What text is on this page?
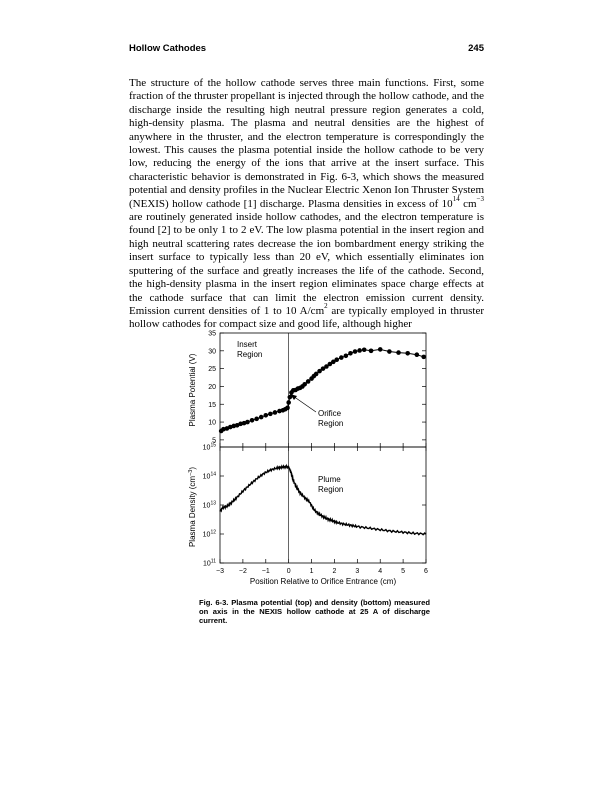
Hollow Cathodes	245

The structure of the hollow cathode serves three main functions. First, some fraction of the thruster propellant is injected through the hollow cathode, and the discharge inside the resulting high neutral pressure region generates a cold, high-density plasma. The plasma and neutral densities are the highest of anywhere in the thruster, and the electron temperature is correspondingly the lowest. This causes the plasma potential inside the hollow cathode to be very low, reducing the energy of the ions that arrive at the insert surface. This characteristic behavior is demonstrated in Fig. 6-3, which shows the measured potential and density profiles in the Nuclear Electric Xenon Ion Thruster System (NEXIS) hollow cathode [1] discharge. Plasma densities in excess of $10^{14}$ $cm^{-3}$ are routinely generated inside hollow cathodes, and the electron temperature is found [2] to be only 1 to 2 eV. The low plasma potential in the insert region and high neutral scattering rates decrease the ion bombardment energy striking the insert surface to typically less than 20 eV, which essentially eliminates ion sputtering of the surface and greatly increases the life of the cathode. Second, the high-density plasma in the insert region eliminates space charge effects at the cathode surface that can limit the electron emission current density. Emission current densities of 1 to 10 $A/cm^2$ are typically employed in thruster hollow cathodes for compact size and good life, although higher

5
10
15
20
25
30
35
$10^{11}$
$10^{12}$
$10^{13}$
$10^{14}$
$10^{15}$
−3 −2 −1 0	1	2	3	4	5	6
Plasma Potential (V)
Plasma Density $(cm^{-3})$
Position Relative to Orifice Entrance (cm)
Insert Region
Orifice Region
Plume Region

Fig. 6-3. Plasma potential (top) and density (bottom) measured on axis in the NEXIS hollow cathode at 25 A of discharge current.
